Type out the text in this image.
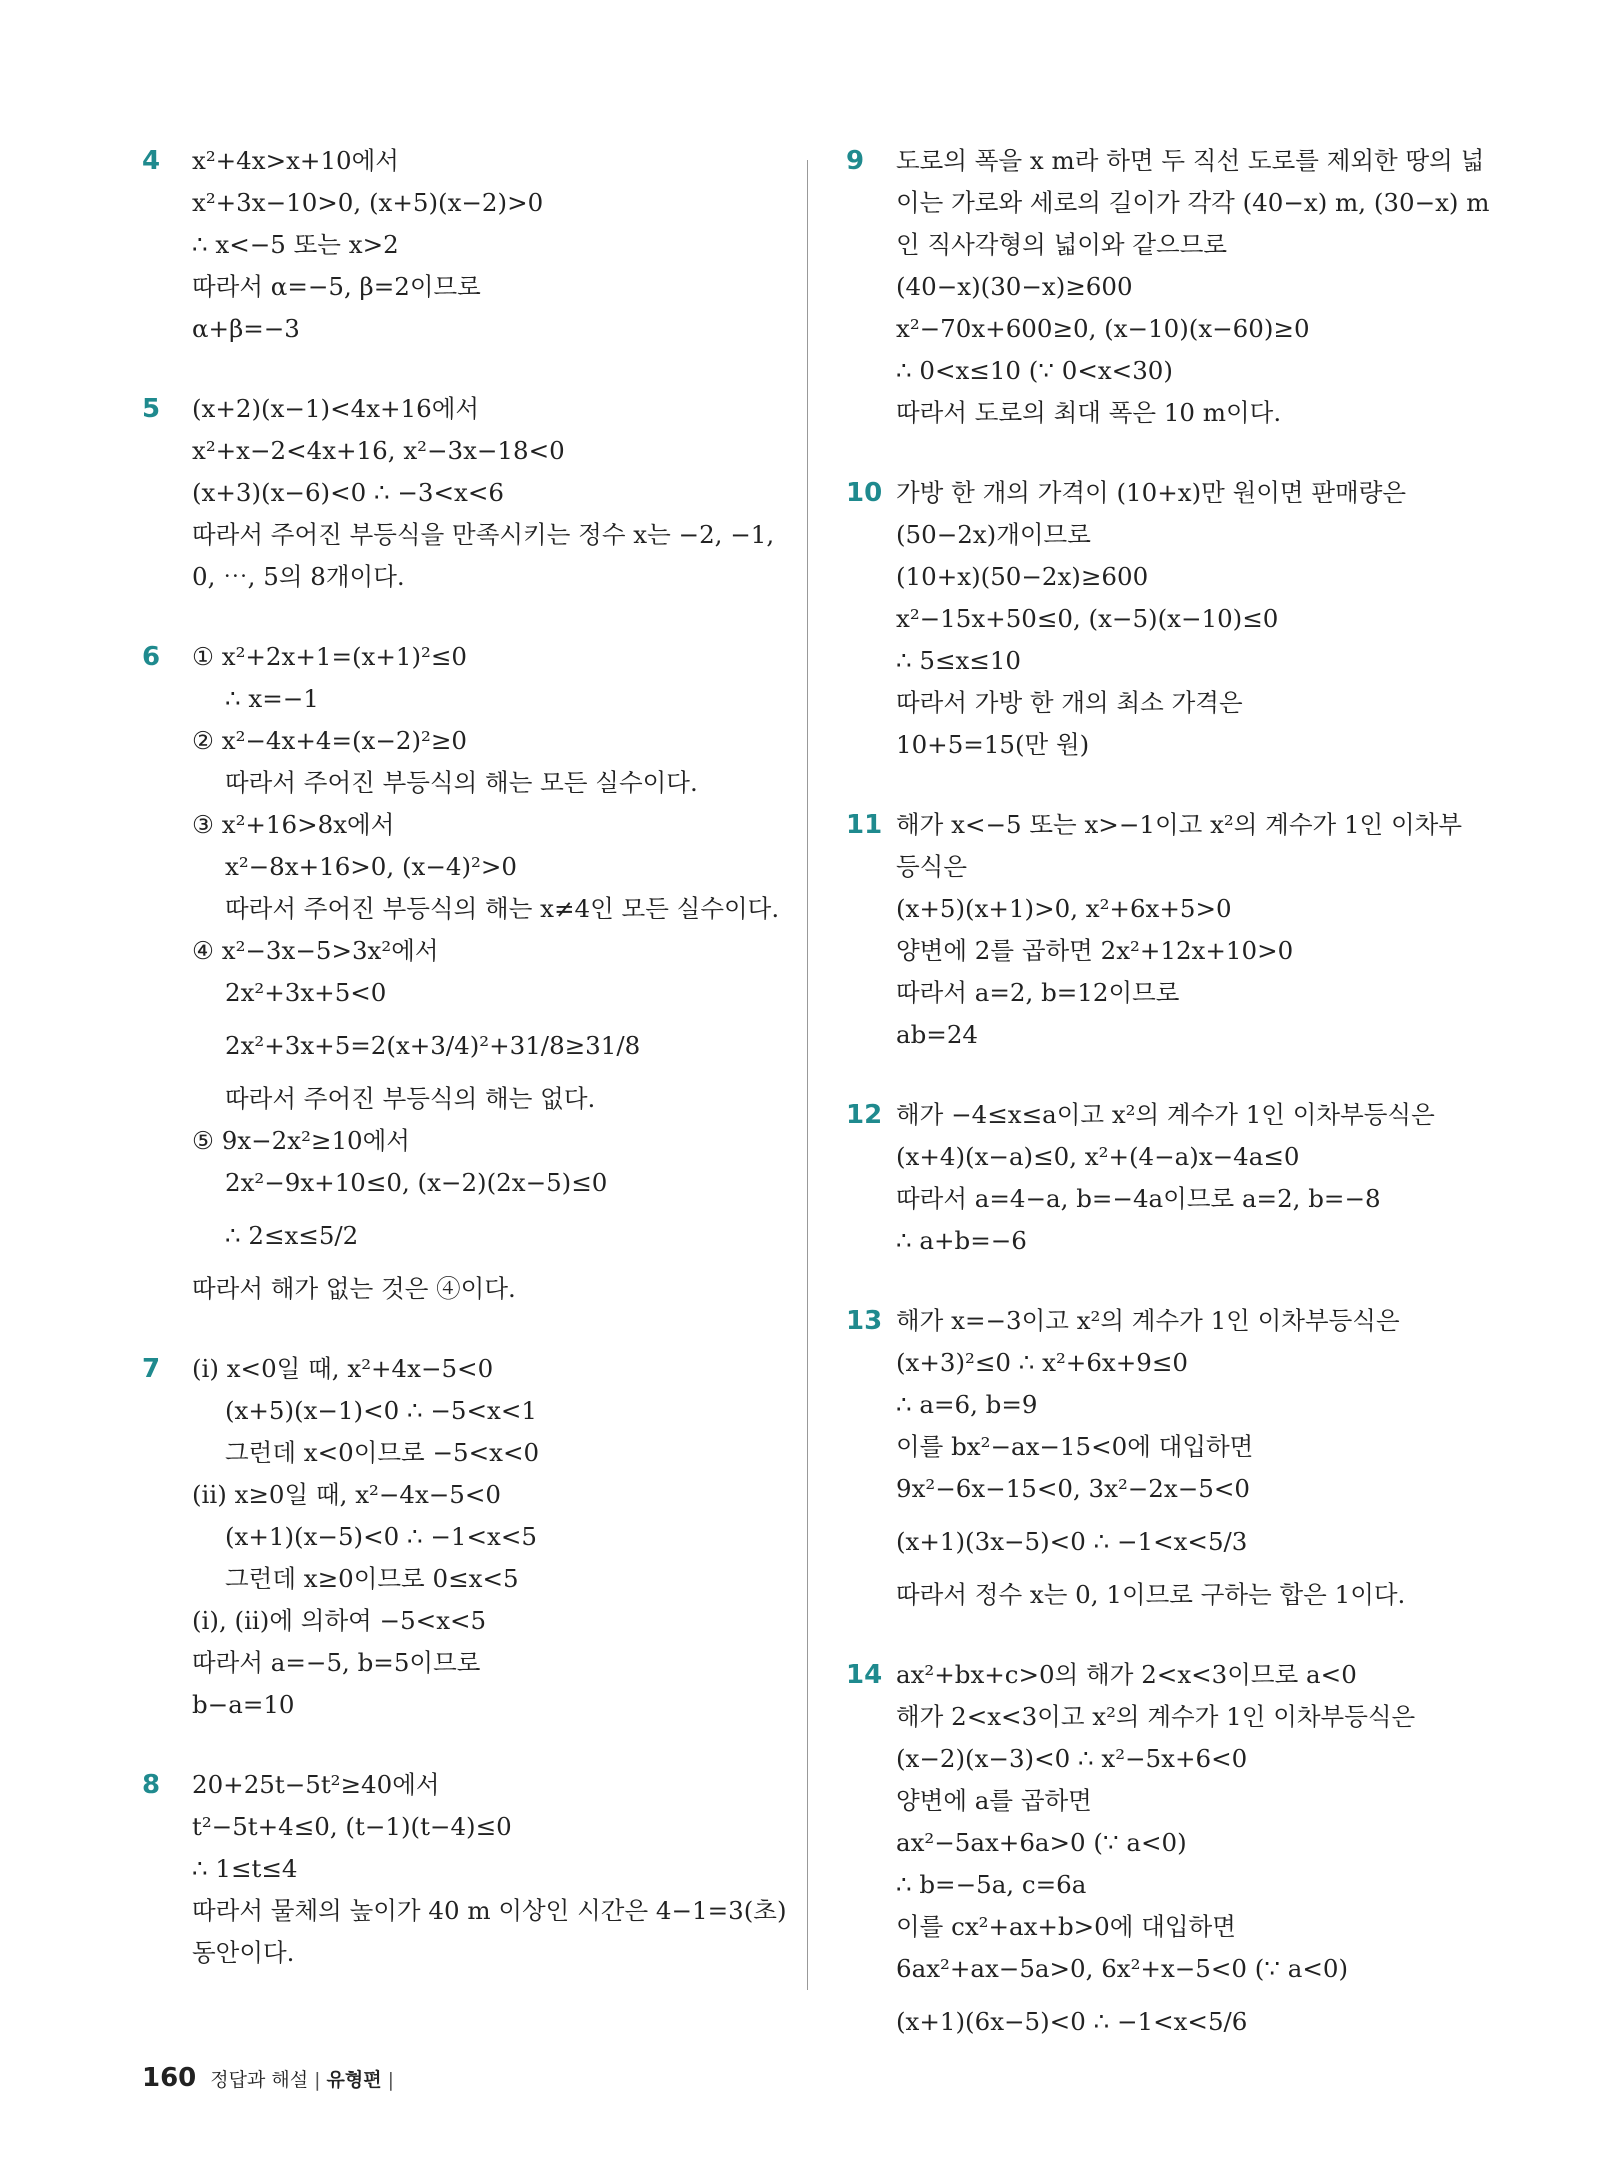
4 x²+4x>x+10에서
x²+3x−10>0, (x+5)(x−2)>0
∴ x<−5 또는 x>2
따라서 α=−5, β=2이므로
α+β=−3
5 (x+2)(x−1)<4x+16에서
x²+x−2<4x+16, x²−3x−18<0
(x+3)(x−6)<0 ∴ −3<x<6
따라서 주어진 부등식을 만족시키는 정수 x는 −2, −1,
0, ⋯, 5의 8개이다.
6 ① x²+2x+1=(x+1)²≤0
∴ x=−1
② x²−4x+4=(x−2)²≥0
따라서 주어진 부등식의 해는 모든 실수이다.
③ x²+16>8x에서
x²−8x+16>0, (x−4)²>0
따라서 주어진 부등식의 해는 x≠4인 모든 실수이다.
④ x²−3x−5>3x²에서
2x²+3x+5<0
2x²+3x+5=2(x+3/4)²+31/8≥31/8
따라서 주어진 부등식의 해는 없다.
⑤ 9x−2x²≥10에서
2x²−9x+10≤0, (x−2)(2x−5)≤0
∴ 2≤x≤5/2
따라서 해가 없는 것은 ④이다.
7 (i) x<0일 때, x²+4x−5<0
(x+5)(x−1)<0 ∴ −5<x<1
그런데 x<0이므로 −5<x<0
(ii) x≥0일 때, x²−4x−5<0
(x+1)(x−5)<0 ∴ −1<x<5
그런데 x≥0이므로 0≤x<5
(i), (ii)에 의하여 −5<x<5
따라서 a=−5, b=5이므로
b−a=10
8 20+25t−5t²≥40에서
t²−5t+4≤0, (t−1)(t−4)≤0
∴ 1≤t≤4
따라서 물체의 높이가 40 m 이상인 시간은 4−1=3(초)
동안이다.
9 도로의 폭을 x m라 하면 두 직선 도로를 제외한 땅의 넓
이는 가로와 세로의 길이가 각각 (40−x) m, (30−x) m
인 직사각형의 넓이와 같으므로
(40−x)(30−x)≥600
x²−70x+600≥0, (x−10)(x−60)≥0
∴ 0<x≤10 (∵ 0<x<30)
따라서 도로의 최대 폭은 10 m이다.
10 가방 한 개의 가격이 (10+x)만 원이면 판매량은
(50−2x)개이므로
(10+x)(50−2x)≥600
x²−15x+50≤0, (x−5)(x−10)≤0
∴ 5≤x≤10
따라서 가방 한 개의 최소 가격은
10+5=15(만 원)
11 해가 x<−5 또는 x>−1이고 x²의 계수가 1인 이차부
등식은
(x+5)(x+1)>0, x²+6x+5>0
양변에 2를 곱하면 2x²+12x+10>0
따라서 a=2, b=12이므로
ab=24
12 해가 −4≤x≤a이고 x²의 계수가 1인 이차부등식은
(x+4)(x−a)≤0, x²+(4−a)x−4a≤0
따라서 a=4−a, b=−4a이므로 a=2, b=−8
∴ a+b=−6
13 해가 x=−3이고 x²의 계수가 1인 이차부등식은
(x+3)²≤0 ∴ x²+6x+9≤0
∴ a=6, b=9
이를 bx²−ax−15<0에 대입하면
9x²−6x−15<0, 3x²−2x−5<0
(x+1)(3x−5)<0 ∴ −1<x<5/3
따라서 정수 x는 0, 1이므로 구하는 합은 1이다.
14 ax²+bx+c>0의 해가 2<x<3이므로 a<0
해가 2<x<3이고 x²의 계수가 1인 이차부등식은
(x−2)(x−3)<0 ∴ x²−5x+6<0
양변에 a를 곱하면
ax²−5ax+6a>0 (∵ a<0)
∴ b=−5a, c=6a
이를 cx²+ax+b>0에 대입하면
6ax²+ax−5a>0, 6x²+x−5<0 (∵ a<0)
(x+1)(6x−5)<0 ∴ −1<x<5/6
160 정답과 해설 | 유형편 |
